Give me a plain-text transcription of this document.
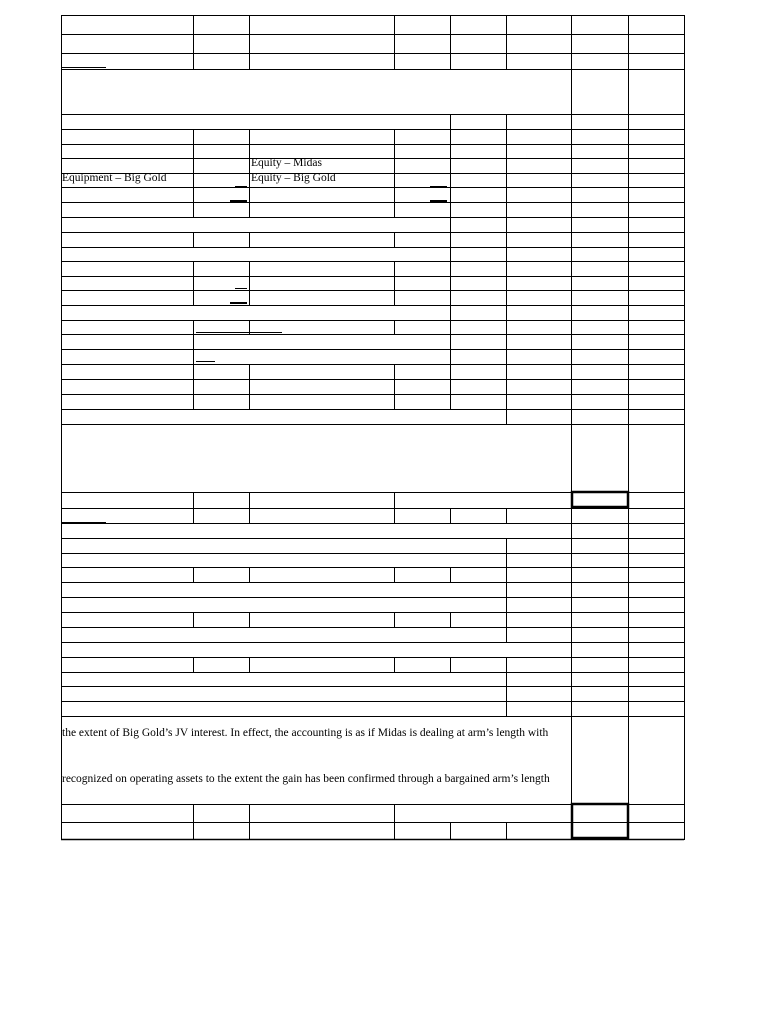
Equity – Midas
Equipment – Big Gold	Equity – Big Gold
the extent of Big Gold’s JV interest. In effect, the accounting is as if Midas is dealing at arm’s length with
recognized on operating assets to the extent the gain has been confirmed through a bargained arm’s length
